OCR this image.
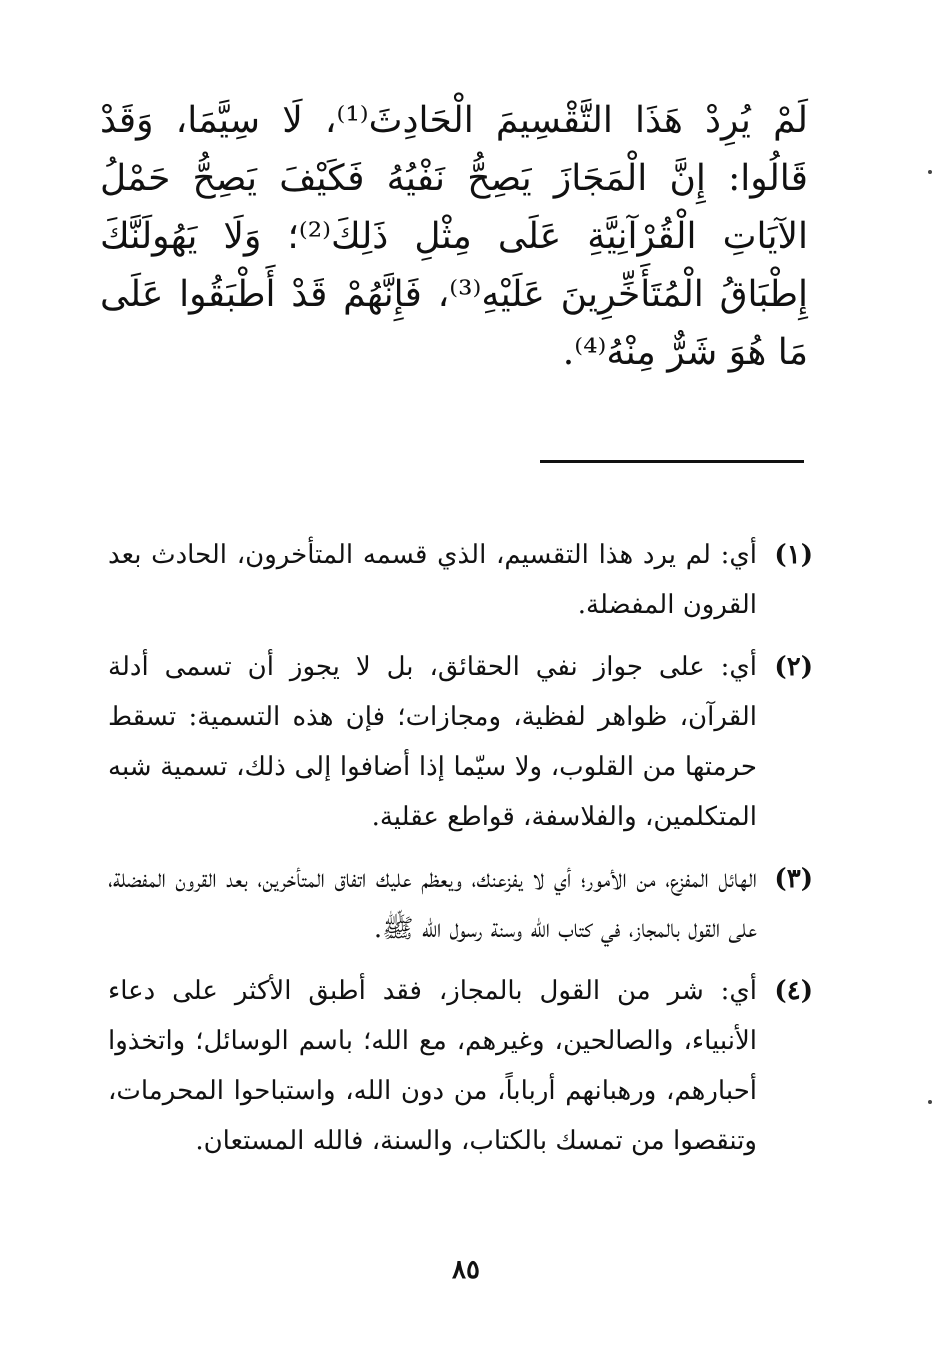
لَمْ يُرِدْ هَذَا التَّقْسِيمَ الْحَادِثَ⁽¹⁾، لَا سِيَّمَا، وَقَدْ قَالُوا: إِنَّ الْمَجَازَ يَصِحُّ نَفْيُهُ فَكَيْفَ يَصِحُّ حَمْلُ الآيَاتِ الْقُرْآنِيَّةِ عَلَى مِثْلِ ذَلِكَ⁽²⁾؛ وَلَا يَهُولَنَّكَ إِطْبَاقُ الْمُتَأَخِّرِينَ عَلَيْهِ⁽³⁾، فَإِنَّهُمْ قَدْ أَطْبَقُوا عَلَى مَا هُوَ شَرٌّ مِنْهُ⁽⁴⁾.

(١)
أي: لم يرد هذا التقسيم، الذي قسمه المتأخرون، الحادث بعد القرون المفضلة.
(٢)
أي: على جواز نفي الحقائق، بل لا يجوز أن تسمى أدلة القرآن، ظواهر لفظية، ومجازات؛ فإن هذه التسمية: تسقط حرمتها من القلوب، ولا سيّما إذا أضافوا إلى ذلك، تسمية شبه المتكلمين، والفلاسفة، قواطع عقلية.
(٣)
الهائل المفزع، من الأمور؛ أي لا يفزعنك، ويعظم عليك اتفاق المتأخرين، بعد القرون المفضلة، على القول بالمجاز، في كتاب الله وسنة رسول الله ﷺ.
(٤)
أي: شر من القول بالمجاز، فقد أطبق الأكثر على دعاء الأنبياء، والصالحين، وغيرهم، مع الله؛ باسم الوسائل؛ واتخذوا أحبارهم، ورهبانهم أرباباً، من دون الله، واستباحوا المحرمات، وتنقصوا من تمسك بالكتاب، والسنة، فالله المستعان.
٨٥
